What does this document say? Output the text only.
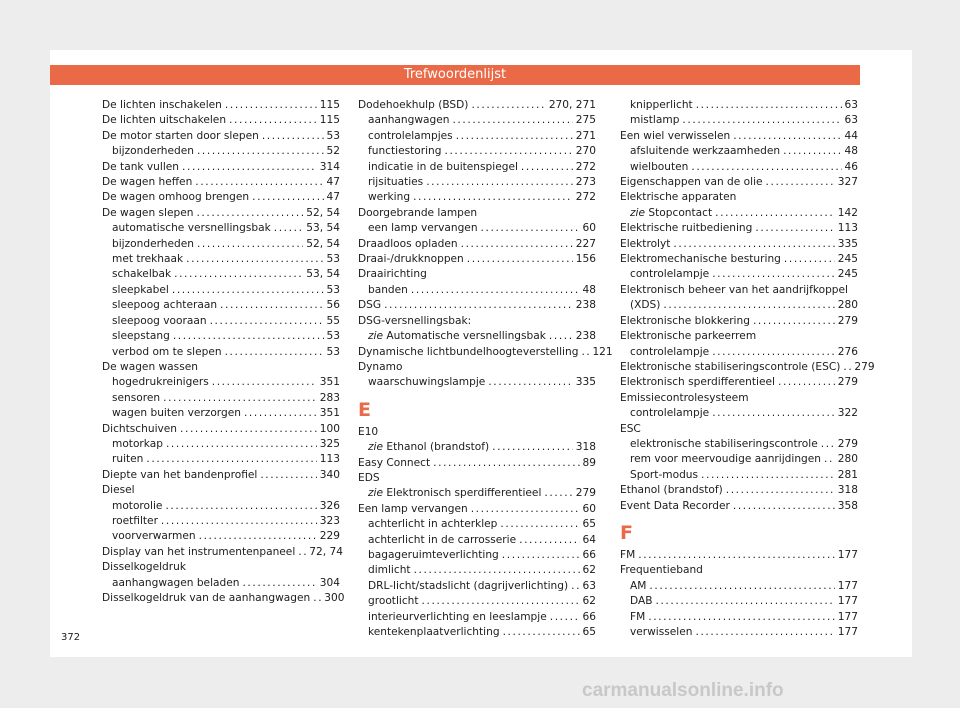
Trefwoordenlijst
De lichten inschakelen .....	115
De lichten uitschakelen .....	115
De motor starten door slepen .....	53
bijzonderheden .....	52
De tank vullen .....	314
De wagen heffen .....	47
De wagen omhoog brengen .....	47
De wagen slepen .....	52, 54
automatische versnellingsbak .....	53, 54
bijzonderheden .....	52, 54
met trekhaak .....	53
schakelbak .....	53, 54
sleepkabel .....	53
sleepoog achteraan .....	56
sleepoog vooraan .....	55
sleepstang .....	53
verbod om te slepen .....	53
De wagen wassen
hogedrukreinigers .....	351
sensoren .....	283
wagen buiten verzorgen .....	351
Dichtschuiven .....	100
motorkap .....	325
ruiten .....	113
Diepte van het bandenprofiel .....	340
Diesel
motorolie .....	326
roetfilter .....	323
voorverwarmen .....	229
Display van het instrumentenpaneel ..... 72, 74
Disselkogeldruk
aanhangwagen beladen .....	304
Disselkogeldruk van de aanhangwagen ..... 300
Dodehoekhulp (BSD) .....	270, 271
aanhangwagen .....	275
controlelampjes .....	271
functiestoring .....	270
indicatie in de buitenspiegel .....	272
rijsituaties .....	273
werking .....	272
Doorgebrande lampen
een lamp vervangen .....	60
Draadloos opladen .....	227
Draai-/drukknoppen .....	156
Draairichting
banden .....	48
DSG .....	238
DSG-versnellingsbak:
zie Automatische versnellingsbak .....	238
Dynamische lichtbundelhoogteverstelling ..... 121
Dynamo
waarschuwingslampje .....	335
E
E10
zie Ethanol (brandstof) .....	318
Easy Connect .....	89
EDS
zie Elektronisch sperdifferentieel .....	279
Een lamp vervangen .....	60
achterlicht in achterklep .....	65
achterlicht in de carrosserie .....	64
bagageruimteverlichting .....	66
dimlicht .....	62
DRL-licht/stadslicht (dagrijverlichting) ..... 63
grootlicht .....	62
interieurverlichting en leeslampje .....	66
kentekenplaatverlichting .....	65
knipperlicht .....	63
mistlamp .....	63
Een wiel verwisselen .....	44
afsluitende werkzaamheden .....	48
wielbouten .....	46
Eigenschappen van de olie .....	327
Elektrische apparaten
zie Stopcontact .....	142
Elektrische ruitbediening .....	113
Elektrolyt .....	335
Elektromechanische besturing .....	245
controlelampje .....	245
Elektronisch beheer van het aandrijfkoppel
(XDS) .....	280
Elektronische blokkering .....	279
Elektronische parkeerrem
controlelampje .....	276
Elektronische stabiliseringscontrole (ESC) ..... 279
Elektronisch sperdifferentieel .....	279
Emissiecontrolesysteem
controlelampje .....	322
ESC
elektronische stabiliseringscontrole ..... 279
rem voor meervoudige aanrijdingen ..... 280
Sport-modus .....	281
Ethanol (brandstof) .....	318
Event Data Recorder .....	358
F
FM .....	177
Frequentieband
AM .....	177
DAB .....	177
FM .....	177
verwisselen .....	177
372
carmanualsonline.info
